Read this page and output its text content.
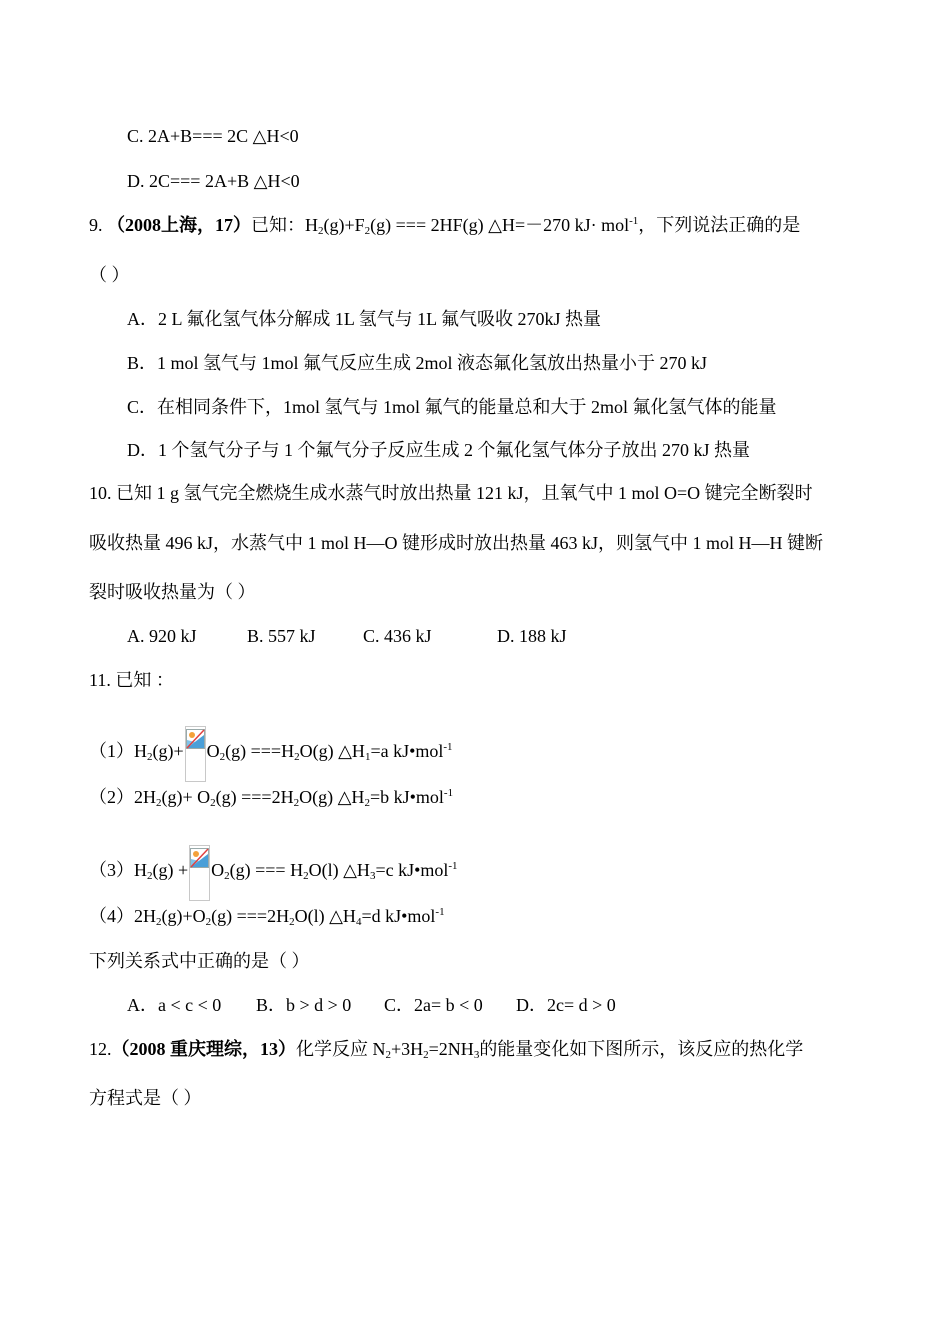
C. 2A+B=== 2C △H<0
D. 2C=== 2A+B △H<0
9. （2008上海，17）已知：$H_2(g)+F_2(g)$ === 2HF(g) △H=－270 kJ· mol$^{-1}$，下列说法正确的是
（ ）
A．2 L 氟化氢气体分解成 1L 氢气与 1L 氟气吸收 270kJ 热量
B．1 mol 氢气与 1mol 氟气反应生成 2mol 液态氟化氢放出热量小于 270 kJ
C．在相同条件下，1mol 氢气与 1mol 氟气的能量总和大于 2mol 氟化氢气体的能量
D．1 个氢气分子与 1 个氟气分子反应生成 2 个氟化氢气体分子放出 270 kJ 热量
10. 已知 1 g 氢气完全燃烧生成水蒸气时放出热量 121 kJ，且氧气中 1 mol O=O 键完全断裂时
吸收热量 496 kJ，水蒸气中 1 mol H—O 键形成时放出热量 463 kJ，则氢气中 1 mol H—H 键断
裂时吸收热量为（ ）
A. 920 kJ	B. 557 kJ	C. 436 kJ	D. 188 kJ
11. 已知 ：
$(1)H_2(g)+ O_2(g) ===H_2O(g)$ $\triangle H_1=a$ kJ•mol$^{-1}$
$(2)2H_2(g)+ O_2(g) ===2H_2O(g)$ $\triangle H_2=b$ kJ•mol$^{-1}$
$(3)H_2(g) + O_2(g)$ === $H_2O(l)$ $\triangle H_3=c$ kJ•mol$^{-1}$
$(4)2H_2(g)+O_2(g) ===2H_2O(l)$ $\triangle H_4=d$ kJ•mol$^{-1}$
下列关系式中正确的是（ ）
A．a < c < 0 B．b > d > 0 C．2a= b < 0 D．2c= d > 0
12.（2008 重庆理综，13）化学反应 $N_2+3H_2=2NH_3$的能量变化如下图所示，该反应的热化学
方程式是（ ）
